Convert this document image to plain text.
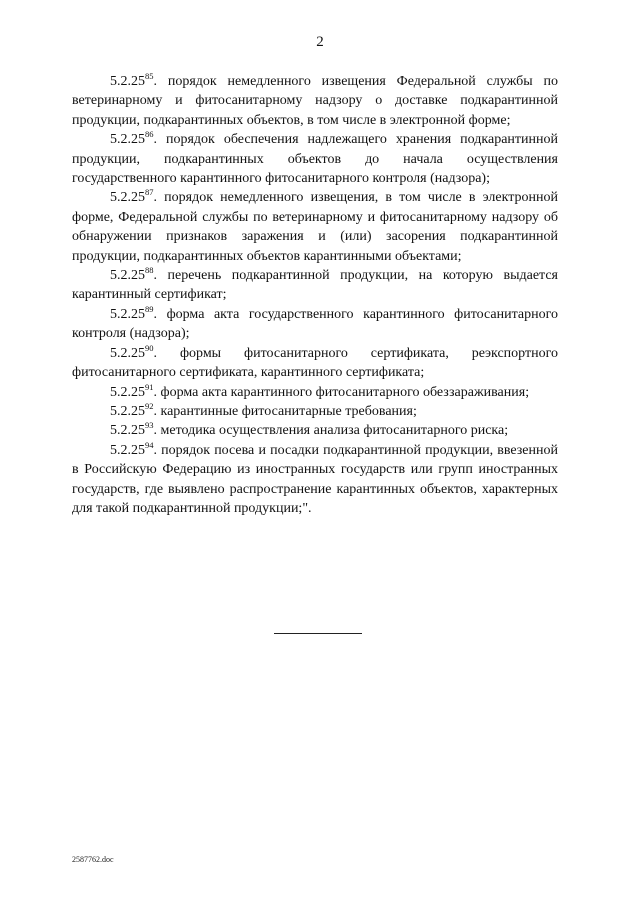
2

5.2.25$^{85}$. порядок немедленного извещения Федеральной службы по ветеринарному и фитосанитарному надзору о доставке подкарантинной продукции, подкарантинных объектов, в том числе в электронной форме;

5.2.25$^{86}$. порядок обеспечения надлежащего хранения подкарантинной продукции, подкарантинных объектов до начала осуществления государственного карантинного фитосанитарного контроля (надзора);

5.2.25$^{87}$. порядок немедленного извещения, в том числе в электронной форме, Федеральной службы по ветеринарному и фитосанитарному надзору об обнаружении признаков заражения и (или) засорения подкарантинной продукции, подкарантинных объектов карантинными объектами;

5.2.25$^{88}$. перечень подкарантинной продукции, на которую выдается карантинный сертификат;

5.2.25$^{89}$. форма акта государственного карантинного фитосанитарного контроля (надзора);

5.2.25$^{90}$. формы фитосанитарного сертификата, реэкспортного фитосанитарного сертификата, карантинного сертификата;

5.2.25$^{91}$. форма акта карантинного фитосанитарного обеззараживания;

5.2.25$^{92}$. карантинные фитосанитарные требования;

5.2.25$^{93}$. методика осуществления анализа фитосанитарного риска;

5.2.25$^{94}$. порядок посева и посадки подкарантинной продукции, ввезенной в Российскую Федерацию из иностранных государств или групп иностранных государств, где выявлено распространение карантинных объектов, характерных для такой подкарантинной продукции;".

2587762.doc
